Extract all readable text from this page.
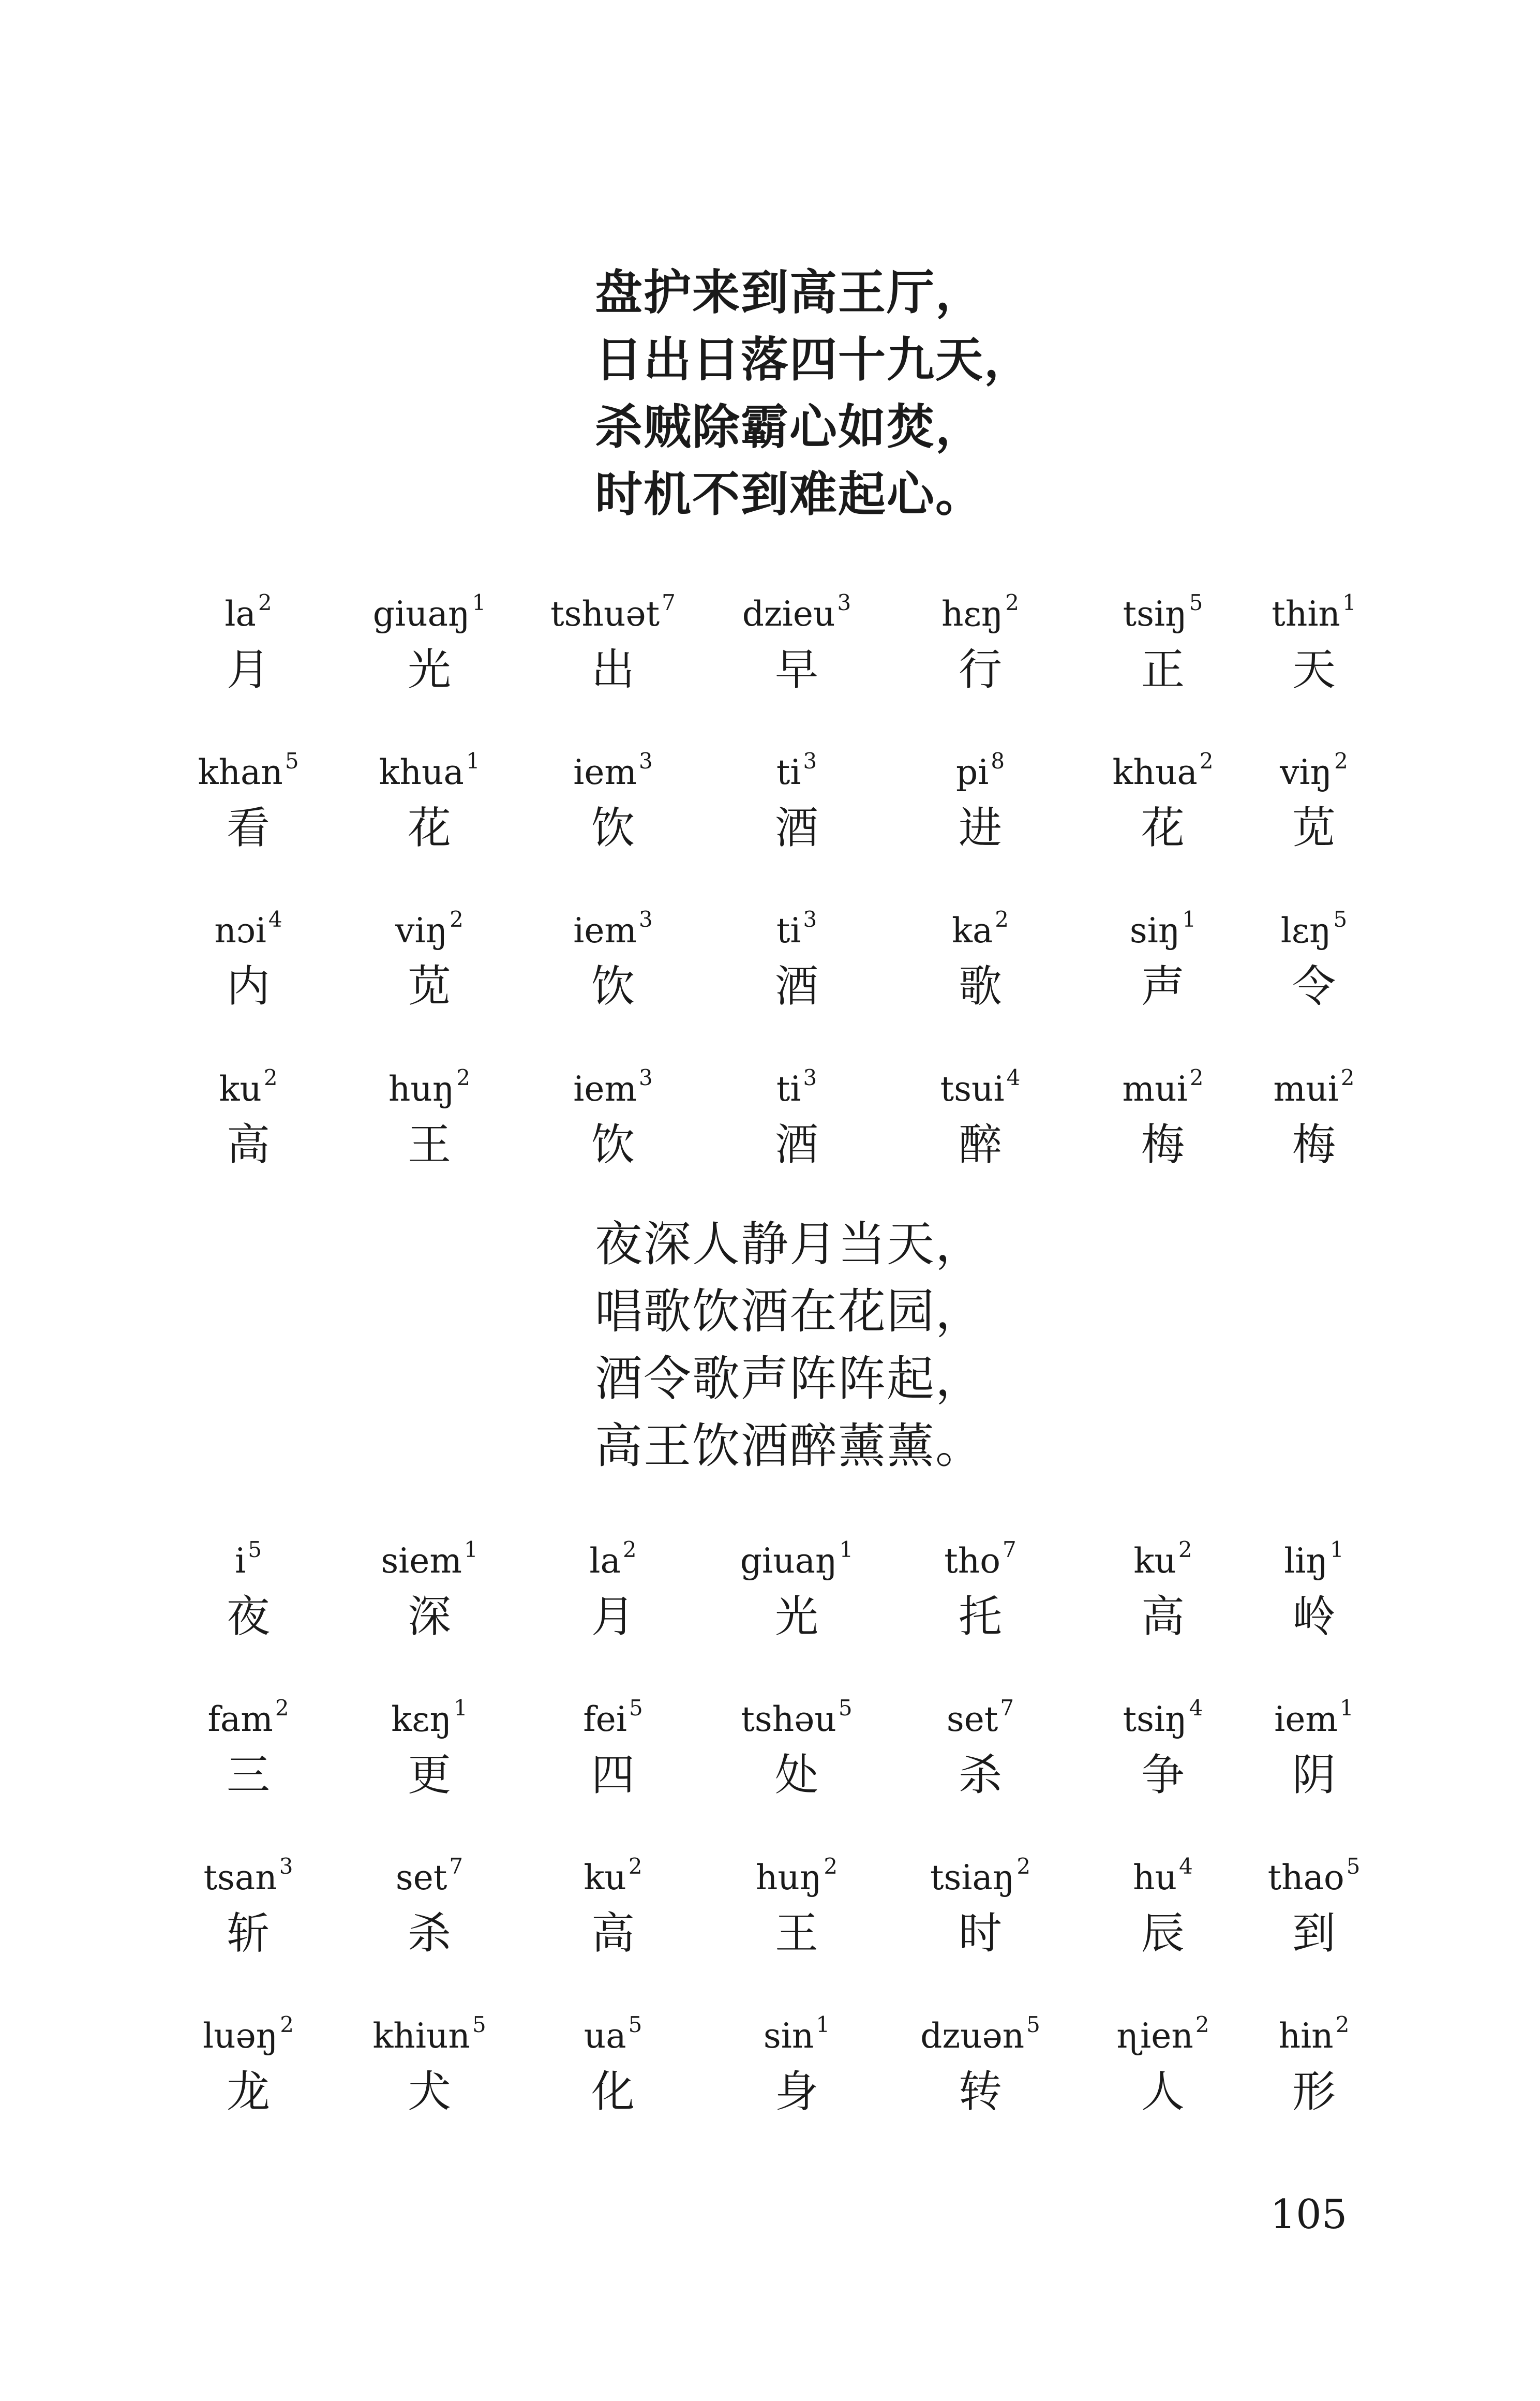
盘护来到高王厅，
日出日落四十九天，
杀贼除霸心如焚，
时机不到难起心。
$la^2$
月
giuaŋ$^1$
光
tshuət$^7$
出
dzieu$^3$
早
hɛŋ$^2$
行
tsiŋ$^5$
正
thin$^1$
天
khan$^5$
看
khua$^1$
花
iem$^3$
饮
$ti^3$
酒
$pi^8$
进
khua$^2$
花
viŋ$^2$
苋
nɔi$^4$
内
viŋ$^2$
苋
iem$^3$
饮
$ti^3$
酒
$ka^2$
歌
siŋ$^1$
声
lɛŋ$^5$
令
$ku^2$
高
huŋ$^2$
王
iem$^3$
饮
$ti^3$
酒
tsui$^4$
醉
mui$^2$
梅
mui$^2$
梅
夜深人静月当天，
唱歌饮酒在花园，
酒令歌声阵阵起，
高王饮酒醉薰薰。
$i^5$
夜
siem$^1$
深
$la^2$
月
giuaŋ$^1$
光
tho$^7$
托
$ku^2$
高
liŋ$^1$
岭
fam$^2$
三
kɛŋ$^1$
更
fei$^5$
四
tshəu$^5$
处
set$^7$
杀
tsiŋ$^4$
争
iem$^1$
阴
tsan$^3$
斩
set$^7$
杀
$ku^2$
高
huŋ$^2$
王
tsiaŋ$^2$
时
$hu^4$
辰
thao$^5$
到
luəŋ$^2$
龙
khiun$^5$
犬
$ua^5$
化
$\sin^1$
身
dzuən$^5$
转
ɳien$^2$
人
hin$^2$
形
105
